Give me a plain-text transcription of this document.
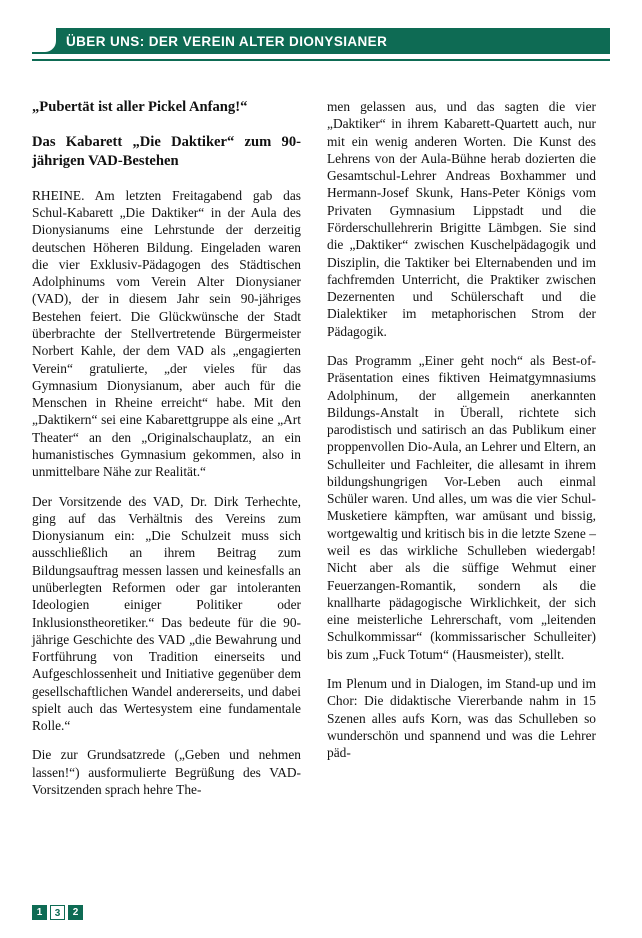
ÜBER UNS: DER VEREIN ALTER DIONYSIANER

„Pubertät ist aller Pickel Anfang!“

Das Kabarett „Die Daktiker“ zum 90-jährigen VAD-Bestehen

RHEINE. Am letzten Freitagabend gab das Schul-Kabarett „Die Daktiker“ in der Aula des Dionysianums eine Lehrstunde der derzeitig deutschen Höheren Bildung. Eingeladen waren die vier Exklusiv-Pädagogen des Städtischen Adolphinums vom Verein Alter Dionysianer (VAD), der in diesem Jahr sein 90-jähriges Bestehen feiert. Die Glückwünsche der Stadt überbrachte der Stellvertretende Bürgermeister Norbert Kahle, der dem VAD als „engagierten Verein“ gratulierte, „der vieles für das Gymnasium Dionysianum, aber auch für die Menschen in Rheine erreicht“ habe. Mit den „Daktikern“ sei eine Kabarettgruppe als eine „Art Theater“ an den „Originalschauplatz, an ein humanistisches Gymnasium gekommen, also in unmittelbare Nähe zur Realität.“

Der Vorsitzende des VAD, Dr. Dirk Terhechte, ging auf das Verhältnis des Vereins zum Dionysianum ein: „Die Schulzeit muss sich ausschließlich an ihrem Beitrag zum Bildungsauftrag messen lassen und keinesfalls an unüberlegten Reformen oder gar intoleranten Ideologien einiger Politiker oder Inklusionstheoretiker.“ Das bedeute für die 90-jährige Geschichte des VAD „die Bewahrung und Fortführung von Tradition einerseits und Aufgeschlossenheit und Initiative gegenüber dem gesellschaftlichen Wandel andererseits, und dabei spielt auch das Wertesystem eine fundamentale Rolle.“

Die zur Grundsatzrede („Geben und nehmen lassen!“) ausformulierte Begrüßung des VAD-Vorsitzenden sprach hehre The-

men gelassen aus, und das sagten die vier „Daktiker“ in ihrem Kabarett-Quartett auch, nur mit ein wenig anderen Worten. Die Kunst des Lehrens von der Aula-Bühne herab dozierten die Gesamtschul-Lehrer Andreas Boxhammer und Hermann-Josef Skunk, Hans-Peter Königs vom Privaten Gymnasium Lippstadt und die Förderschullehrerin Brigitte Lämbgen. Sie sind die „Daktiker“ zwischen Kuschelpädagogik und Disziplin, die Taktiker bei Elternabenden und im fachfremden Unterricht, die Praktiker zwischen Dezernenten und Schülerschaft und die Dialektiker im metaphorischen Strom der Pädagogik.

Das Programm „Einer geht noch“ als Best-of-Präsentation eines fiktiven Heimatgymnasiums Adolphinum, der allgemein anerkannten Bildungs-Anstalt in Überall, richtete sich parodistisch und satirisch an das Publikum einer proppenvollen Dio-Aula, an Lehrer und Eltern, an Schulleiter und Fachleiter, die allesamt in ihrem bildungshungrigen Vor-Leben auch einmal Schüler waren. Und alles, um was die vier Schul-Musketiere kämpften, war amüsant und bissig, wortgewaltig und kritisch bis in die letzte Szene – weil es das wirkliche Schulleben wiedergab! Nicht aber als die süffige Wehmut einer Feuerzangen-Romantik, sondern als die knallharte pädagogische Wirklichkeit, der sich eine meisterliche Lehrerschaft, vom „leitenden Schulkommissar“ (kommissarischer Schulleiter) bis zum „Fuck Totum“ (Hausmeister), stellt.

Im Plenum und in Dialogen, im Stand-up und im Chor: Die didaktische Viererbande nahm in 15 Szenen alles aufs Korn, was das Schulleben so wunderschön und spannend und was die Lehrer päd-

1	3	2
